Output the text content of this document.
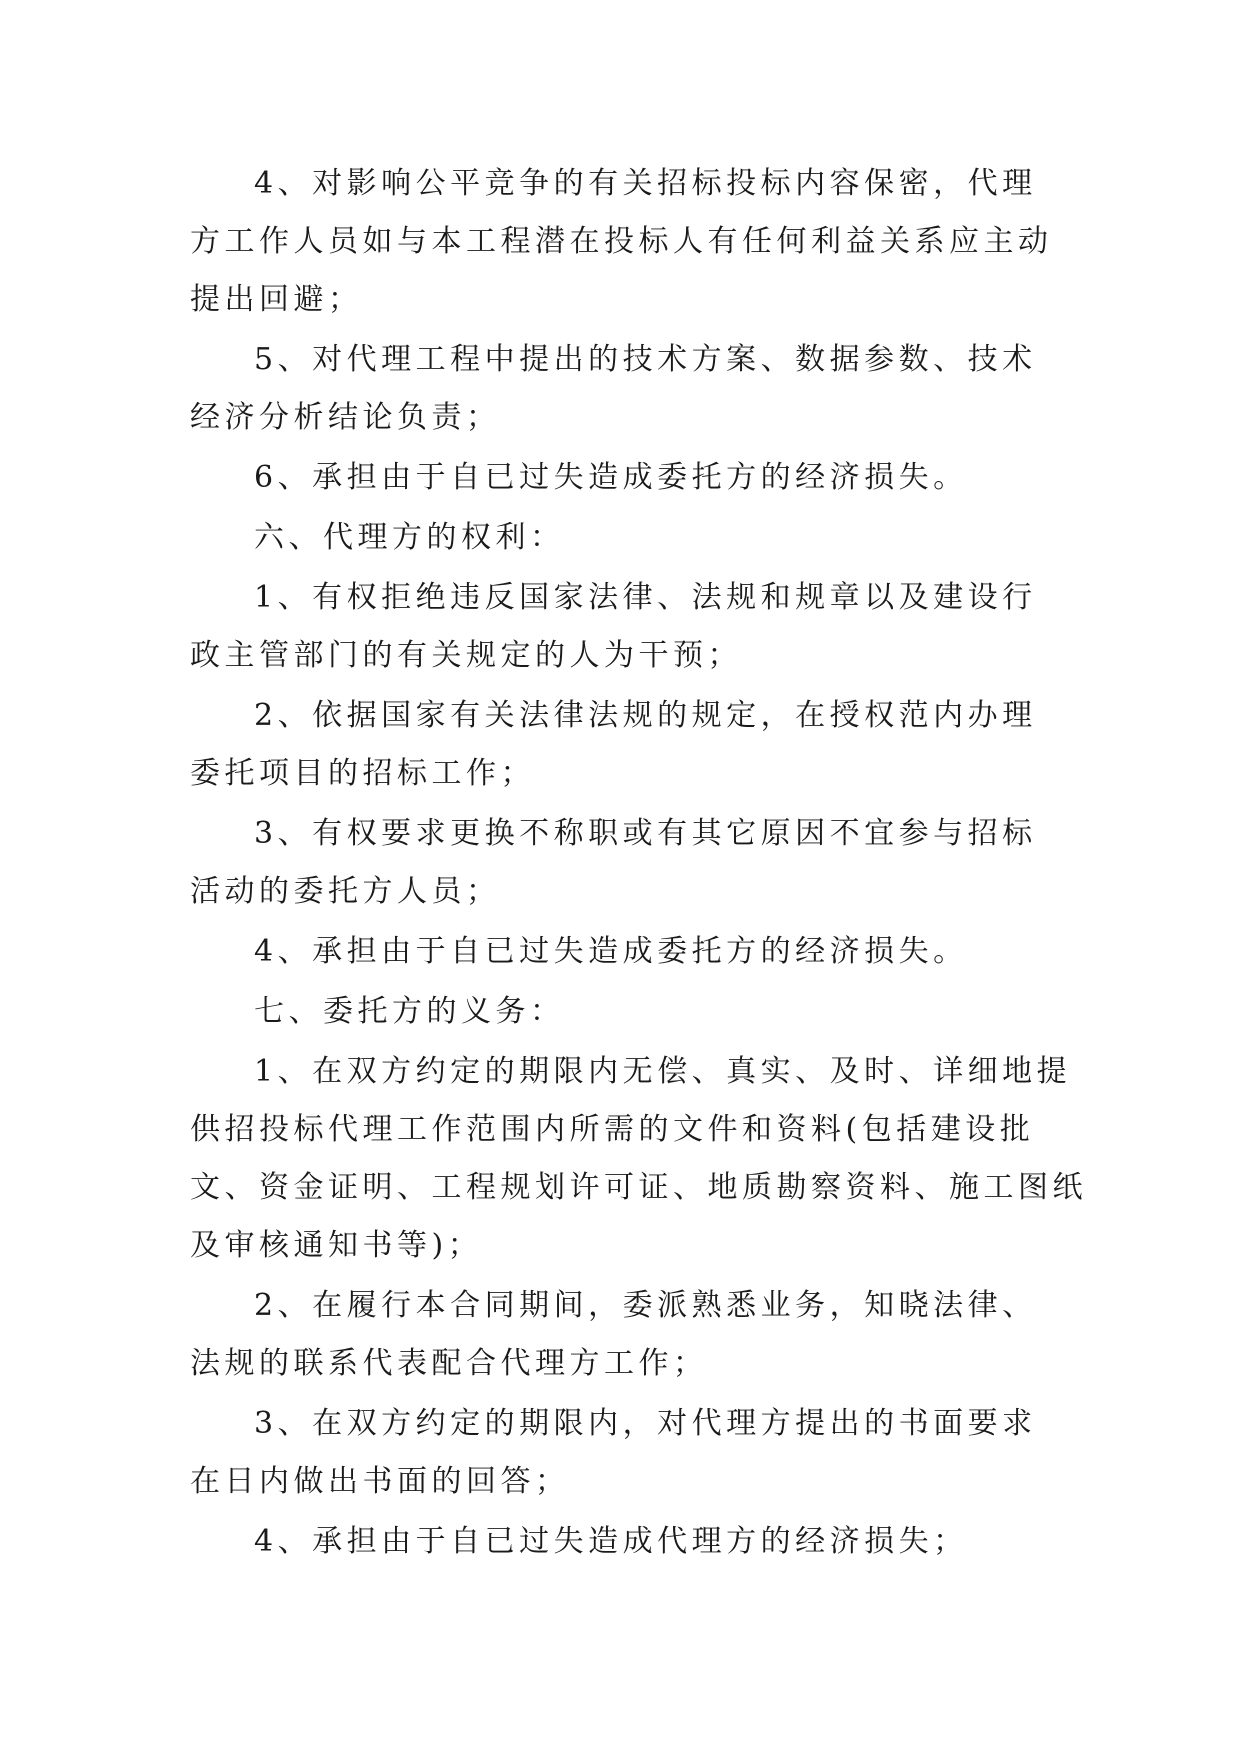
4、对影响公平竞争的有关招标投标内容保密，代理方工作人员如与本工程潜在投标人有任何利益关系应主动提出回避；

5、对代理工程中提出的技术方案、数据参数、技术经济分析结论负责；

6、承担由于自已过失造成委托方的经济损失。

六、代理方的权利：

1、有权拒绝违反国家法律、法规和规章以及建设行政主管部门的有关规定的人为干预；

2、依据国家有关法律法规的规定，在授权范内办理委托项目的招标工作；

3、有权要求更换不称职或有其它原因不宜参与招标活动的委托方人员；

4、承担由于自已过失造成委托方的经济损失。

七、委托方的义务：

1、在双方约定的期限内无偿、真实、及时、详细地提供招投标代理工作范围内所需的文件和资料(包括建设批文、资金证明、工程规划许可证、地质勘察资料、施工图纸及审核通知书等)；

2、在履行本合同期间，委派熟悉业务，知晓法律、法规的联系代表配合代理方工作；

3、在双方约定的期限内，对代理方提出的书面要求在日内做出书面的回答；

4、承担由于自已过失造成代理方的经济损失；
